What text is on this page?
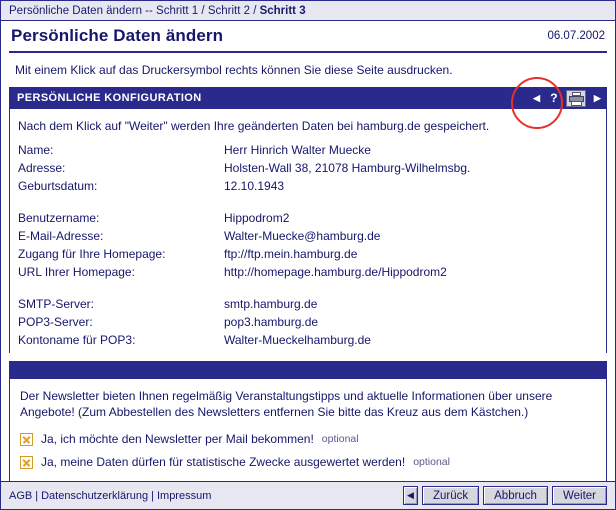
Persönliche Daten ändern -- Schritt 1 / Schritt 2 / Schritt 3
Persönliche Daten ändern	06.07.2002
Mit einem Klick auf das Druckersymbol rechts können Sie diese Seite ausdrucken.
PERSÖNLICHE KONFIGURATION	◀ ?	▶
Nach dem Klick auf "Weiter" werden Ihre geänderten Daten bei hamburg.de gespeichert.
Name:	Herr Hinrich Walter Muecke
Adresse:	Holsten-Wall 38, 21078 Hamburg-Wilhelmsbg.
Geburtsdatum:	12.10.1943

Benutzername:	Hippodrom2
E-Mail-Adresse:	Walter-Muecke@hamburg.de
Zugang für Ihre Homepage:	ftp://ftp.mein.hamburg.de
URL Ihrer Homepage:	http://homepage.hamburg.de/Hippodrom2

SMTP-Server:	smtp.hamburg.de
POP3-Server:	pop3.hamburg.de
Kontoname für POP3:	Walter-Mueckelhamburg.de

Der Newsletter bieten Ihnen regelmäßig Veranstaltungstipps und aktuelle Informationen über unsere Angebote! (Zum Abbestellen des Newsletters entfernen Sie bitte das Kreuz aus dem Kästchen.)

Ja, ich möchte den Newsletter per Mail bekommen! optional
Ja, meine Daten dürfen für statistische Zwecke ausgewertet werden! optional
AGB | Datenschutzerklärung | Impressum	◀	Zurück	Abbruch	Weiter
